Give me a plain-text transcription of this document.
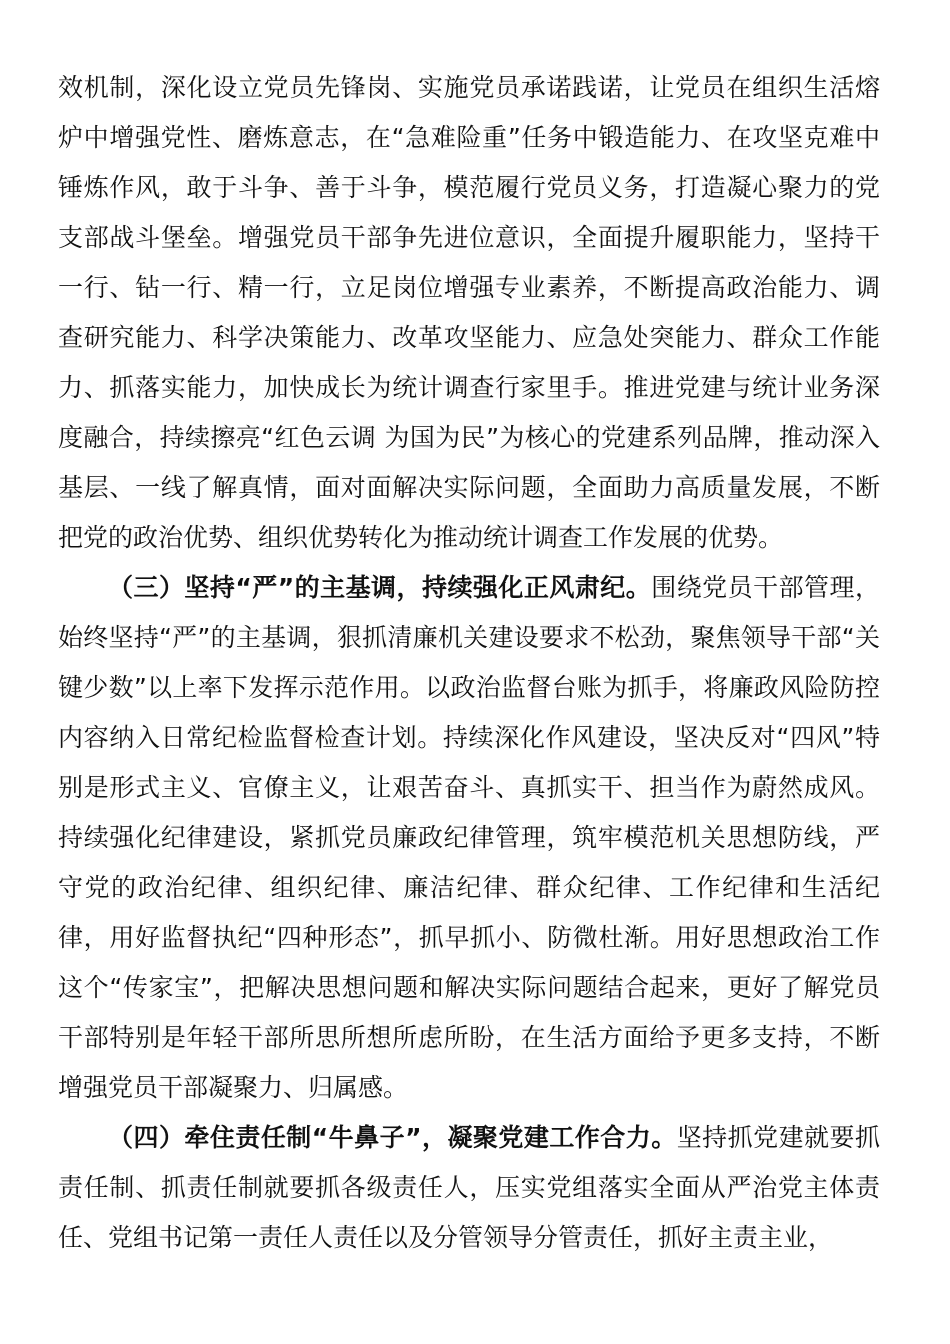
效机制，深化设立党员先锋岗、实施党员承诺践诺，让党员在组织生活熔炉中增强党性、磨炼意志，在“急难险重”任务中锻造能力、在攻坚克难中锤炼作风，敢于斗争、善于斗争，模范履行党员义务，打造凝心聚力的党支部战斗堡垒。增强党员干部争先进位意识，全面提升履职能力，坚持干一行、钻一行、精一行，立足岗位增强专业素养，不断提高政治能力、调查研究能力、科学决策能力、改革攻坚能力、应急处突能力、群众工作能力、抓落实能力，加快成长为统计调查行家里手。推进党建与统计业务深度融合，持续擦亮“红色云调 为国为民”为核心的党建系列品牌，推动深入基层、一线了解真情，面对面解决实际问题，全面助力高质量发展，不断把党的政治优势、组织优势转化为推动统计调查工作发展的优势。

（三）坚持“严”的主基调，持续强化正风肃纪。围绕党员干部管理，始终坚持“严”的主基调，狠抓清廉机关建设要求不松劲，聚焦领导干部“关键少数”以上率下发挥示范作用。以政治监督台账为抓手，将廉政风险防控内容纳入日常纪检监督检查计划。持续深化作风建设，坚决反对“四风”特别是形式主义、官僚主义，让艰苦奋斗、真抓实干、担当作为蔚然成风。持续强化纪律建设，紧抓党员廉政纪律管理，筑牢模范机关思想防线，严守党的政治纪律、组织纪律、廉洁纪律、群众纪律、工作纪律和生活纪律，用好监督执纪“四种形态”，抓早抓小、防微杜渐。用好思想政治工作这个“传家宝”，把解决思想问题和解决实际问题结合起来，更好了解党员干部特别是年轻干部所思所想所虑所盼，在生活方面给予更多支持，不断增强党员干部凝聚力、归属感。

（四）牵住责任制“牛鼻子”，凝聚党建工作合力。坚持抓党建就要抓责任制、抓责任制就要抓各级责任人，压实党组落实全面从严治党主体责任、党组书记第一责任人责任以及分管领导分管责任，抓好主责主业，
